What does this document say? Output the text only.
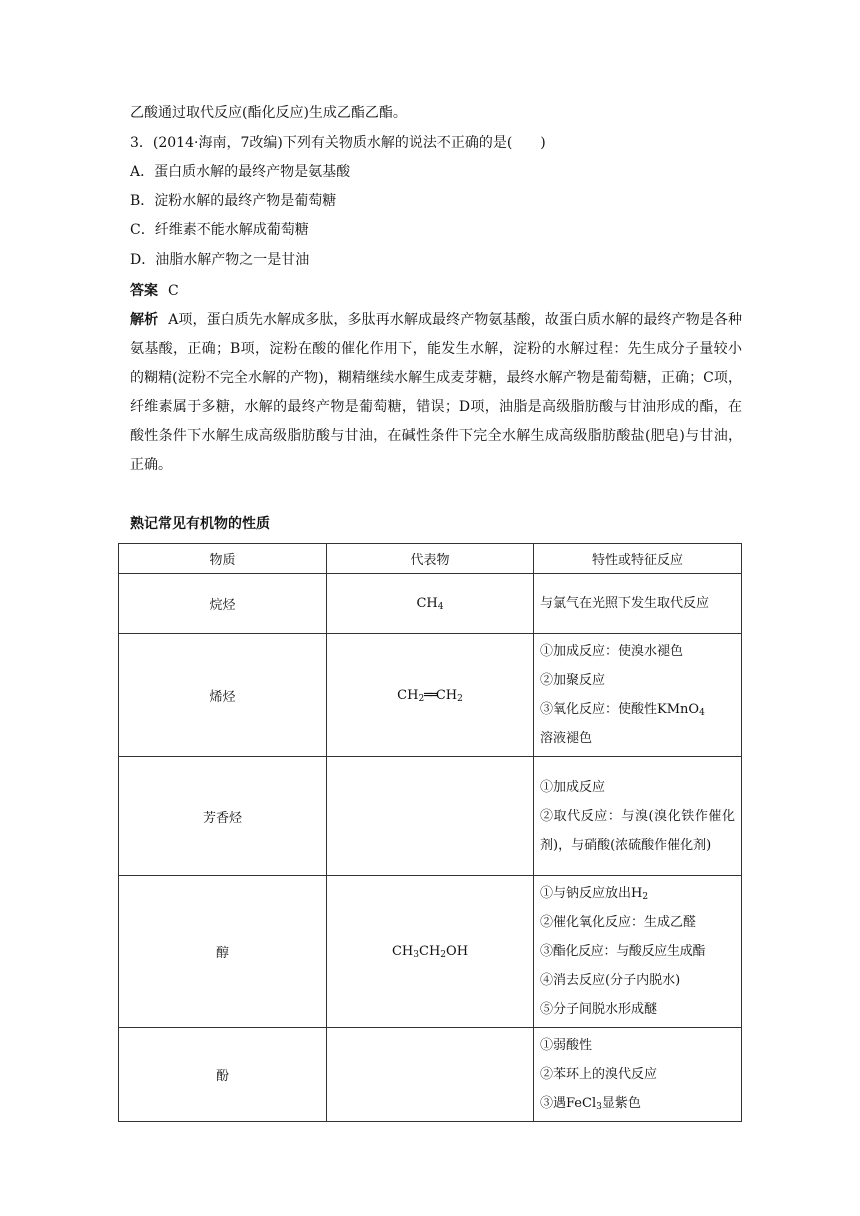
乙酸通过取代反应(酯化反应)生成乙酯乙酯。
3．(2014·海南，7改编)下列有关物质水解的说法不正确的是(　　)
A．蛋白质水解的最终产物是氨基酸
B．淀粉水解的最终产物是葡萄糖
C．纤维素不能水解成葡萄糖
D．油脂水解产物之一是甘油
答案 C
解析 A项，蛋白质先水解成多肽，多肽再水解成最终产物氨基酸，故蛋白质水解的最终产物是各种氨基酸，正确；B项，淀粉在酸的催化作用下，能发生水解，淀粉的水解过程：先生成分子量较小的糊精(淀粉不完全水解的产物)，糊精继续水解生成麦芽糖，最终水解产物是葡萄糖，正确；C项，纤维素属于多糖，水解的最终产物是葡萄糖，错误；D项，油脂是高级脂肪酸与甘油形成的酯，在酸性条件下水解生成高级脂肪酸与甘油，在碱性条件下完全水解生成高级脂肪酸盐(肥皂)与甘油，正确。
熟记常见有机物的性质
物质	代表物	特性或特征反应
烷烃	$CH_4$	与氯气在光照下发生取代反应

烯烃	$CH_2══CH_2$	①加成反应：使溴水褪色
②加聚反应
③氧化反应：使酸性KMnO$_4$
溶液褪色

芳香烃		①加成反应
②取代反应：与溴(溴化铁作催化剂)，与硝酸(浓硫酸作催化剂)

醇	$CH_3CH_2OH$	①与钠反应放出$H_2$
②催化氧化反应：生成乙醛
③酯化反应：与酸反应生成酯
④消去反应(分子内脱水)
⑤分子间脱水形成醚

酚		①弱酸性
②苯环上的溴代反应
③遇FeCl$_3$显紫色
